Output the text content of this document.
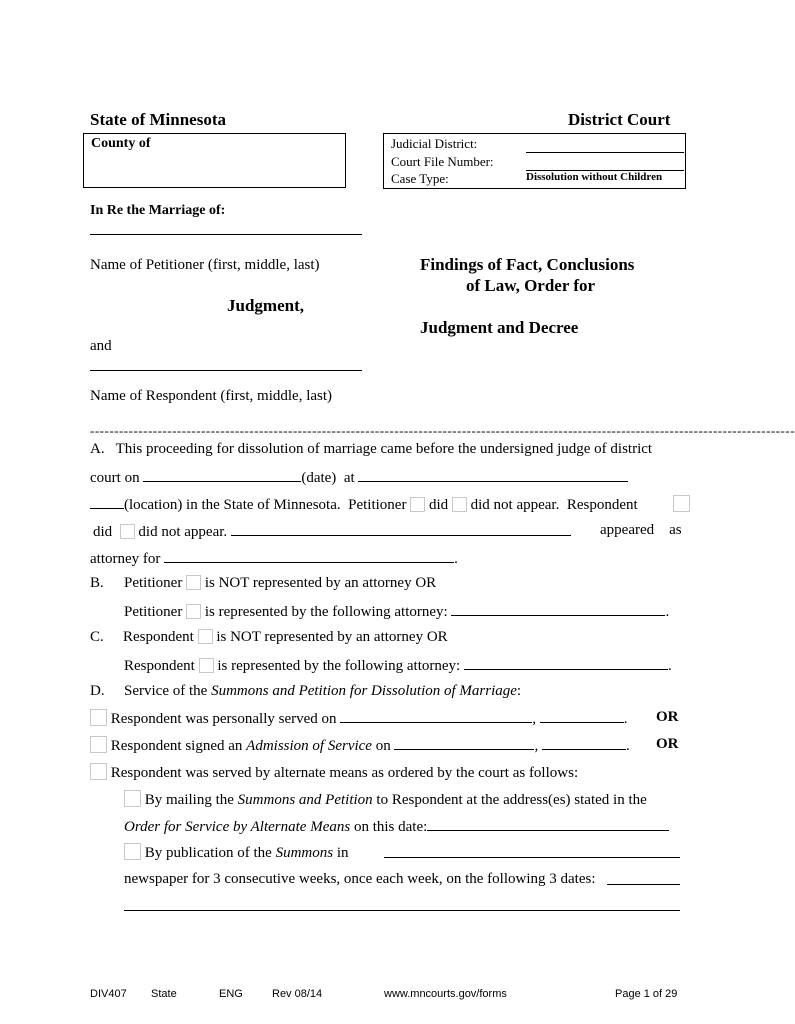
State of Minnesota	District Court
County of	Judicial District:
Court File Number:
Case Type:	Dissolution without Children
In Re the Marriage of:
Name of Petitioner (first, middle, last)
Judgment,
and
Name of Respondent (first, middle, last)
Findings of Fact, Conclusions
of Law, Order for
Judgment and Decree
--------------------------------------------------------------------------------------------------------------------------------------------------
A. This proceeding for dissolution of marriage came before the undersigned judge of district
court on	(date) at
(location) in the State of Minnesota. Petitioner did did not appear. Respondent
did did not appear.	appeared as
attorney for	.
B. Petitioner is NOT represented by an attorney OR
Petitioner is represented by the following attorney:	.
C. Respondent is NOT represented by an attorney OR
Respondent is represented by the following attorney:	.
D. Service of the Summons and Petition for Dissolution of Marriage:
Respondent was personally served on	,	. OR
Respondent signed an Admission of Service on	,	. OR
Respondent was served by alternate means as ordered by the court as follows:
By mailing the Summons and Petition to Respondent at the address(es) stated in the
Order for Service by Alternate Means on this date:
By publication of the Summons in
newspaper for 3 consecutive weeks, once each week, on the following 3 dates:
DIV407 State	ENG	Rev 08/14	www.mncourts.gov/forms	Page 1 of 29
